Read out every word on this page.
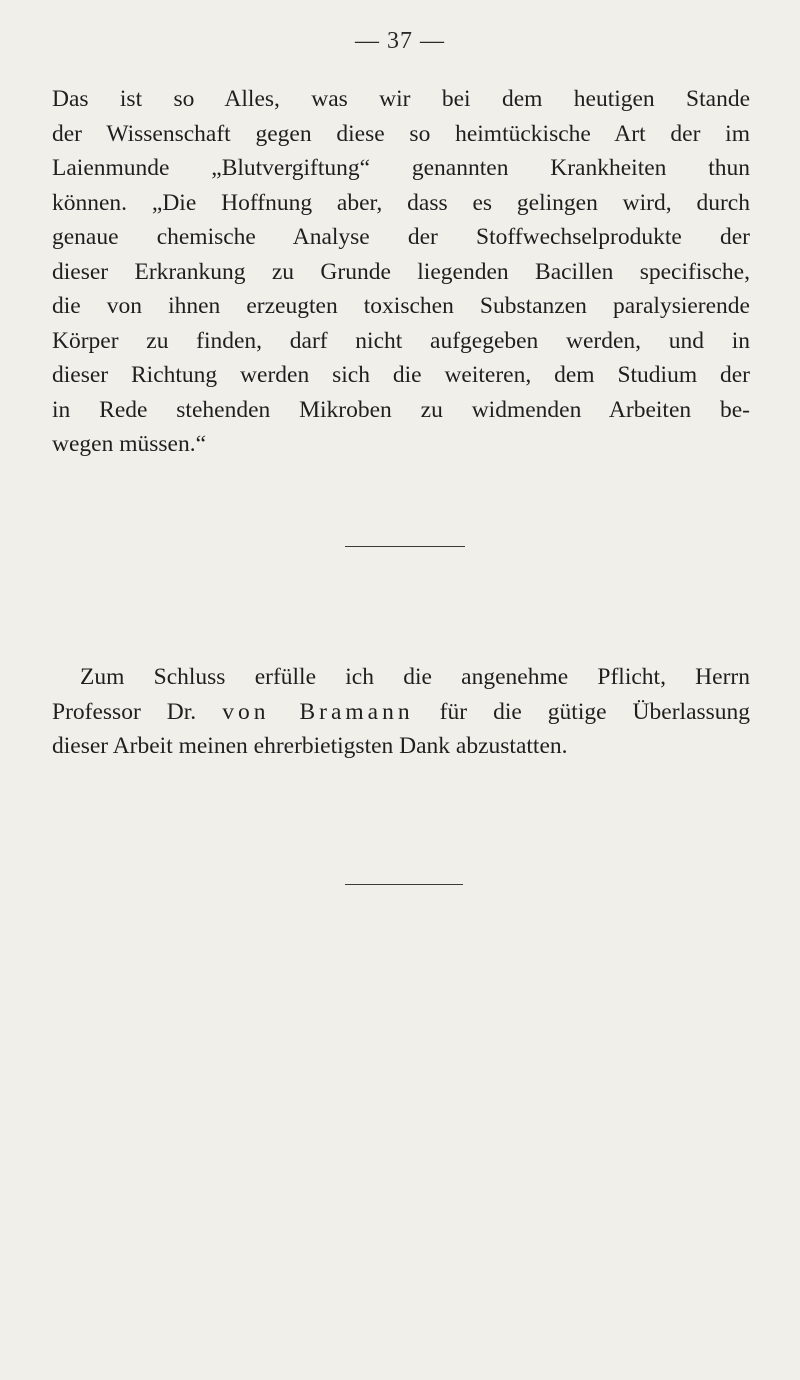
— 37 —

Das ist so Alles, was wir bei dem heutigen Stande
der Wissenschaft gegen diese so heimtückische Art der im
Laienmunde „Blutvergiftung“ genannten Krankheiten thun
können. „Die Hoffnung aber, dass es gelingen wird, durch
genaue chemische Analyse der Stoffwechselprodukte der
dieser Erkrankung zu Grunde liegenden Bacillen specifische,
die von ihnen erzeugten toxischen Substanzen paralysierende
Körper zu finden, darf nicht aufgegeben werden, und in
dieser Richtung werden sich die weiteren, dem Studium der
in Rede stehenden Mikroben zu widmenden Arbeiten be-
wegen müssen.“

Zum Schluss erfülle ich die angenehme Pflicht, Herrn
Professor Dr. von Bramann für die gütige Überlassung
dieser Arbeit meinen ehrerbietigsten Dank abzustatten.
